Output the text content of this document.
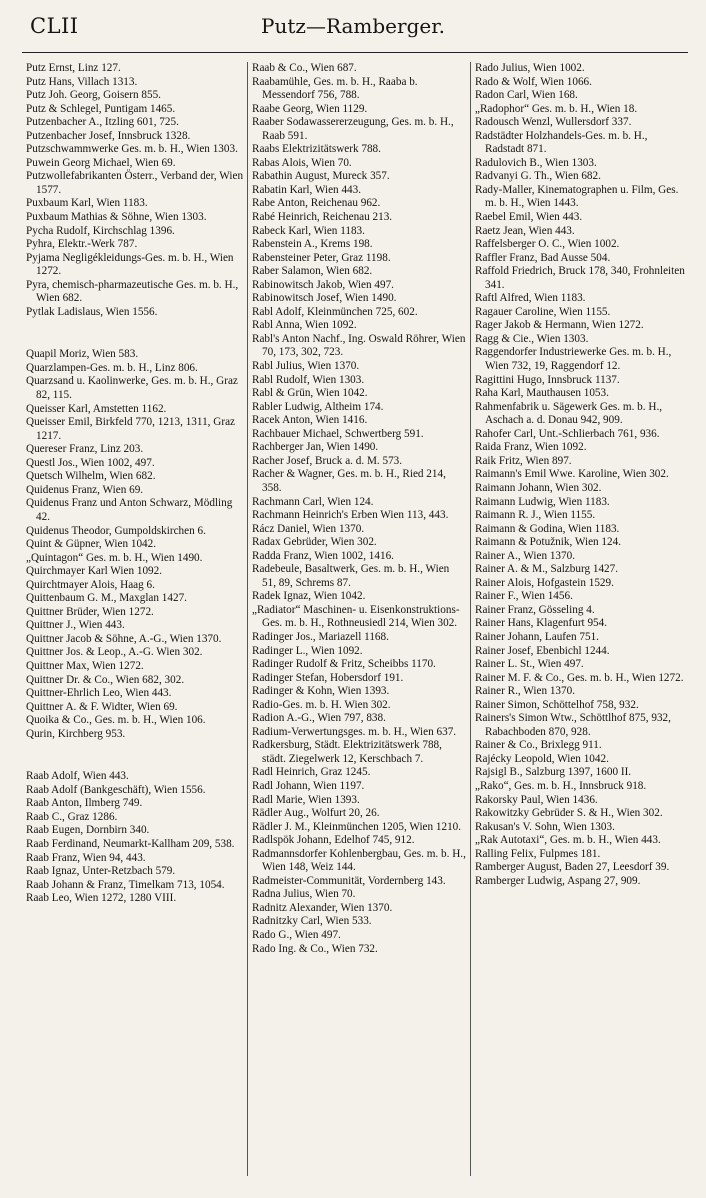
CLII	Putz—Ramberger.
Putz Ernst, Linz 127.
Putz Hans, Villach 1313.
Putz Joh. Georg, Goisern 855.
Putz & Schlegel, Puntigam 1465.
Putzenbacher A., Itzling 601, 725.
Putzenbacher Josef, Innsbruck 1328.
Putzschwammwerke Ges. m. b. H., Wien 1303.
Puwein Georg Michael, Wien 69.
Putzwollefabrikanten Österr., Verband der, Wien 1577.
Puxbaum Karl, Wien 1183.
Puxbaum Mathias & Söhne, Wien 1303.
Pycha Rudolf, Kirchschlag 1396.
Pyhra, Elektr.-Werk 787.
Pyjama Negligékleidungs-Ges. m. b. H., Wien 1272.
Pyra, chemisch-pharmazeutische Ges. m. b. H., Wien 682.
Pytlak Ladislaus, Wien 1556.
Quapil Moriz, Wien 583.
Quarzlampen-Ges. m. b. H., Linz 806.
Quarzsand u. Kaolinwerke, Ges. m. b. H., Graz 82, 115.
Queisser Karl, Amstetten 1162.
Queisser Emil, Birkfeld 770, 1213, 1311, Graz 1217.
Quereser Franz, Linz 203.
Questl Jos., Wien 1002, 497.
Quetsch Wilhelm, Wien 682.
Quidenus Franz, Wien 69.
Quidenus Franz und Anton Schwarz, Mödling 42.
Quidenus Theodor, Gumpoldskirchen 6.
Quint & Güpner, Wien 1042.
„Quintagon“ Ges. m. b. H., Wien 1490.
Quirchmayer Karl Wien 1092.
Quirchtmayer Alois, Haag 6.
Quittenbaum G. M., Maxglan 1427.
Quittner Brüder, Wien 1272.
Quittner J., Wien 443.
Quittner Jacob & Söhne, A.-G., Wien 1370.
Quittner Jos. & Leop., A.-G. Wien 302.
Quittner Max, Wien 1272.
Quittner Dr. & Co., Wien 682, 302.
Quittner-Ehrlich Leo, Wien 443.
Quittner A. & F. Widter, Wien 69.
Quoika & Co., Ges. m. b. H., Wien 106.
Qurin, Kirchberg 953.
Raab Adolf, Wien 443.
Raab Adolf (Bankgeschäft), Wien 1556.
Raab Anton, Ilmberg 749.
Raab C., Graz 1286.
Raab Eugen, Dornbirn 340.
Raab Ferdinand, Neumarkt-Kallham 209, 538.
Raab Franz, Wien 94, 443.
Raab Ignaz, Unter-Retzbach 579.
Raab Johann & Franz, Timelkam 713, 1054.
Raab Leo, Wien 1272, 1280 VIII.
Raab & Co., Wien 687.
Raabamühle, Ges. m. b. H., Raaba b. Messendorf 756, 788.
Raabe Georg, Wien 1129.
Raaber Sodawassererzeugung, Ges. m. b. H., Raab 591.
Raabs Elektrizitätswerk 788.
Rabas Alois, Wien 70.
Rabathin August, Mureck 357.
Rabatin Karl, Wien 443.
Rabe Anton, Reichenau 962.
Rabé Heinrich, Reichenau 213.
Rabeck Karl, Wien 1183.
Rabenstein A., Krems 198.
Rabensteiner Peter, Graz 1198.
Raber Salamon, Wien 682.
Rabinowitsch Jakob, Wien 497.
Rabinowitsch Josef, Wien 1490.
Rabl Adolf, Kleinmünchen 725, 602.
Rabl Anna, Wien 1092.
Rabl's Anton Nachf., Ing. Oswald Röhrer, Wien 70, 173, 302, 723.
Rabl Julius, Wien 1370.
Rabl Rudolf, Wien 1303.
Rabl & Grün, Wien 1042.
Rabler Ludwig, Altheim 174.
Racek Anton, Wien 1416.
Rachbauer Michael, Schwertberg 591.
Rachberger Jan, Wien 1490.
Racher Josef, Bruck a. d. M. 573.
Racher & Wagner, Ges. m. b. H., Ried 214, 358.
Rachmann Carl, Wien 124.
Rachmann Heinrich's Erben Wien 113, 443.
Rácz Daniel, Wien 1370.
Radax Gebrüder, Wien 302.
Radda Franz, Wien 1002, 1416.
Radebeule, Basaltwerk, Ges. m. b. H., Wien 51, 89, Schrems 87.
Radek Ignaz, Wien 1042.
„Radiator“ Maschinen- u. Eisenkonstruktions-Ges. m. b. H., Rothneusiedl 214, Wien 302.
Radinger Jos., Mariazell 1168.
Radinger L., Wien 1092.
Radinger Rudolf & Fritz, Scheibbs 1170.
Radinger Stefan, Hobersdorf 191.
Radinger & Kohn, Wien 1393.
Radio-Ges. m. b. H. Wien 302.
Radion A.-G., Wien 797, 838.
Radium-Verwertungsges. m. b. H., Wien 637.
Radkersburg, Städt. Elektrizitätswerk 788, städt. Ziegelwerk 12, Kerschbach 7.
Radl Heinrich, Graz 1245.
Radl Johann, Wien 1197.
Radl Marie, Wien 1393.
Rädler Aug., Wolfurt 20, 26.
Rädler J. M., Kleinmünchen 1205, Wien 1210.
Radlspök Johann, Edelhof 745, 912.
Radmannsdorfer Kohlenbergbau, Ges. m. b. H., Wien 148, Weiz 144.
Radmeister-Communität, Vordernberg 143.
Radna Julius, Wien 70.
Radnitz Alexander, Wien 1370.
Radnitzky Carl, Wien 533.
Rado G., Wien 497.
Rado Ing. & Co., Wien 732.
Rado Julius, Wien 1002.
Rado & Wolf, Wien 1066.
Radon Carl, Wien 168.
„Radophor“ Ges. m. b. H., Wien 18.
Radousch Wenzl, Wullersdorf 337.
Radstädter Holzhandels-Ges. m. b. H., Radstadt 871.
Radulovich B., Wien 1303.
Radvanyi G. Th., Wien 682.
Rady-Maller, Kinematographen u. Film, Ges. m. b. H., Wien 1443.
Raebel Emil, Wien 443.
Raetz Jean, Wien 443.
Raffelsberger O. C., Wien 1002.
Raffler Franz, Bad Ausse 504.
Raffold Friedrich, Bruck 178, 340, Frohnleiten 341.
Raftl Alfred, Wien 1183.
Ragauer Caroline, Wien 1155.
Rager Jakob & Hermann, Wien 1272.
Ragg & Cie., Wien 1303.
Raggendorfer Industriewerke Ges. m. b. H., Wien 732, 19, Raggendorf 12.
Ragittini Hugo, Innsbruck 1137.
Raha Karl, Mauthausen 1053.
Rahmenfabrik u. Sägewerk Ges. m. b. H., Aschach a. d. Donau 942, 909.
Rahofer Carl, Unt.-Schlierbach 761, 936.
Raida Franz, Wien 1092.
Raik Fritz, Wien 897.
Raimann's Emil Wwe. Karoline, Wien 302.
Raimann Johann, Wien 302.
Raimann Ludwig, Wien 1183.
Raimann R. J., Wien 1155.
Raimann & Godina, Wien 1183.
Raimann & Potužnik, Wien 124.
Rainer A., Wien 1370.
Rainer A. & M., Salzburg 1427.
Rainer Alois, Hofgastein 1529.
Rainer F., Wien 1456.
Rainer Franz, Gösseling 4.
Rainer Hans, Klagenfurt 954.
Rainer Johann, Laufen 751.
Rainer Josef, Ebenbichl 1244.
Rainer L. St., Wien 497.
Rainer M. F. & Co., Ges. m. b. H., Wien 1272.
Rainer R., Wien 1370.
Rainer Simon, Schöttelhof 758, 932.
Rainers's Simon Wtw., Schöttlhof 875, 932, Rabachboden 870, 928.
Rainer & Co., Brixlegg 911.
Rajécky Leopold, Wien 1042.
Rajsigl B., Salzburg 1397, 1600 II.
„Rako“, Ges. m. b. H., Innsbruck 918.
Rakorsky Paul, Wien 1436.
Rakowitzky Gebrüder S. & H., Wien 302.
Rakusan's V. Sohn, Wien 1303.
„Rak Autotaxi“, Ges. m. b. H., Wien 443.
Ralling Felix, Fulpmes 181.
Ramberger August, Baden 27, Leesdorf 39.
Ramberger Ludwig, Aspang 27, 909.
